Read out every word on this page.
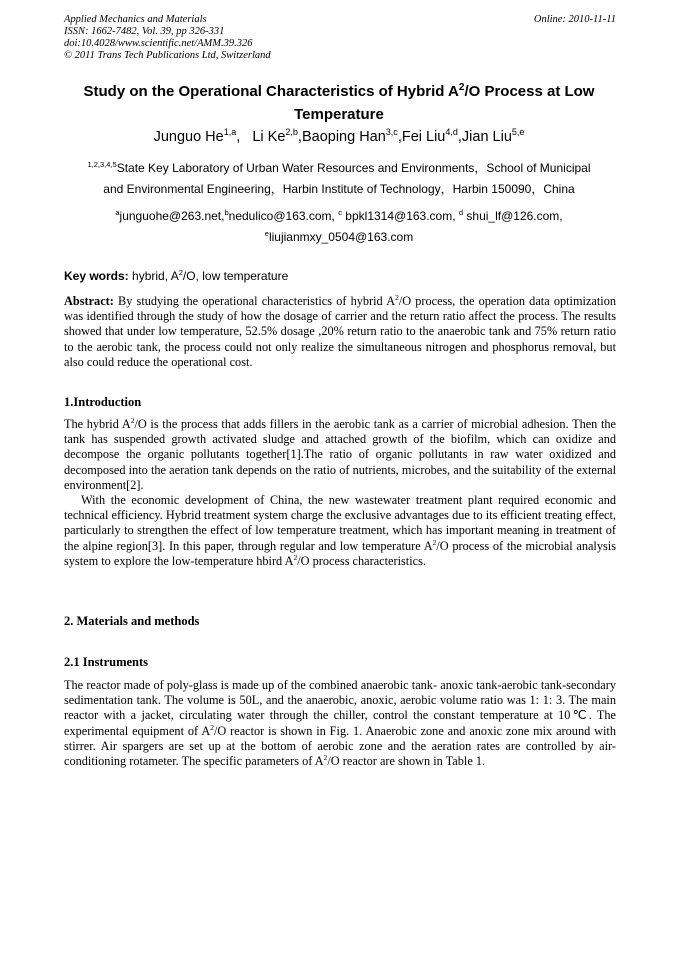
Applied Mechanics and Materials
ISSN: 1662-7482, Vol. 39, pp 326-331
doi:10.4028/www.scientific.net/AMM.39.326
© 2011 Trans Tech Publications Ltd, Switzerland
Online: 2010-11-11
Study on the Operational Characteristics of Hybrid $A^2/O$ Process at Low Temperature
Junguo He$^{1,a}$,   Li Ke$^{2,b}$,Baoping Han$^{3,c}$,Fei Liu$^{4,d}$,Jian Liu$^{5,e}$
$^{1,2,3,4,5}$State Key Laboratory of Urban Water Resources and Environments，School of Municipal
and Environmental Engineering，Harbin Institute of Technology，Harbin 150090，China
$^a$junguohe@263.net,$^b$nedulico@163.com, $^c$ bpkl1314@163.com, $^d$ shui_lf@126.com,
$^e$liujianmxy_0504@163.com
Key words: hybrid, $A^2/O$, low temperature
Abstract: By studying the operational characteristics of hybrid $A^2/O$ process, the operation data optimization was identified through the study of how the dosage of carrier and the return ratio affect the process. The results showed that under low temperature, 52.5% dosage ,20% return ratio to the anaerobic tank and 75% return ratio to the aerobic tank, the process could not only realize the simultaneous nitrogen and phosphorus removal, but also could reduce the operational cost.
1.Introduction

The hybrid $A^2/O$ is the process that adds fillers in the aerobic tank as a carrier of microbial adhesion. Then the tank has suspended growth activated sludge and attached growth of the biofilm, which can oxidize and decompose the organic pollutants together[1].The ratio of organic pollutants in raw water oxidized and decomposed into the aeration tank depends on the ratio of nutrients, microbes, and the suitability of the external environment[2].

With the economic development of China, the new wastewater treatment plant required economic and technical efficiency. Hybrid treatment system charge the exclusive advantages due to its efficient treating effect, particularly to strengthen the effect of low temperature treatment, which has important meaning in treatment of the alpine region[3]. In this paper, through regular and low temperature $A^2/O$ process of the microbial analysis system to explore the low-temperature hbird $A^2/O$ process characteristics.

2. Materials and methods
2.1 Instruments

The reactor made of poly-glass is made up of the combined anaerobic tank- anoxic tank-aerobic tank-secondary sedimentation tank. The volume is 50L, and the anaerobic, anoxic, aerobic volume ratio was 1: 1: 3. The main reactor with a jacket, circulating water through the chiller, control the constant temperature at 10℃. The experimental equipment of $A^2/O$ reactor is shown in Fig. 1. Anaerobic zone and anoxic zone mix around with stirrer. Air spargers are set up at the bottom of aerobic zone and the aeration rates are controlled by air-conditioning rotameter. The specific parameters of $A^2/O$ reactor are shown in Table 1.
